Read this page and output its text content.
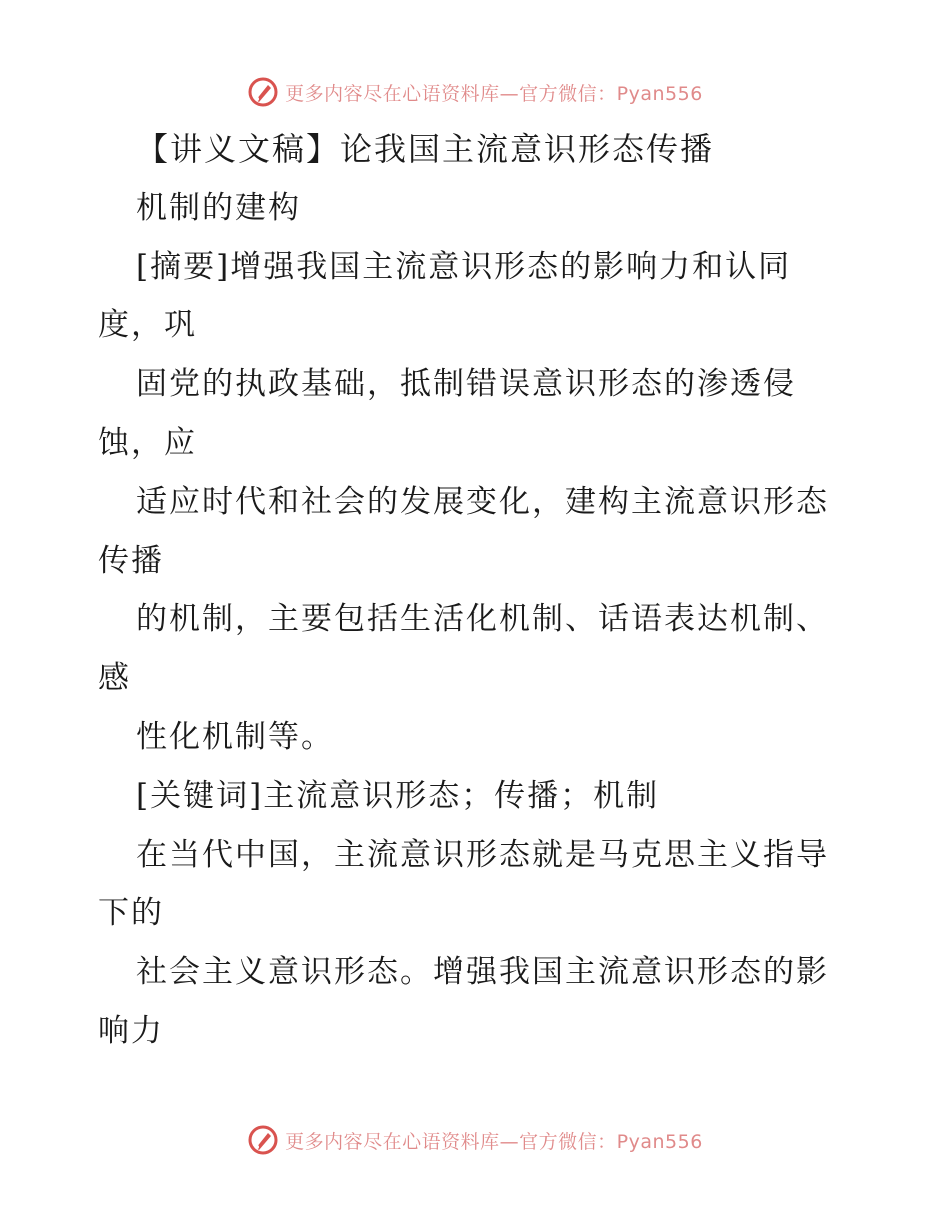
更多内容尽在心语资料库—官方微信：Pyan556
【讲义文稿】论我国主流意识形态传播
机制的建构
[摘要]增强我国主流意识形态的影响力和认同
度，巩
固党的执政基础，抵制错误意识形态的渗透侵
蚀，应
适应时代和社会的发展变化，建构主流意识形态
传播
的机制，主要包括生活化机制、话语表达机制、
感
性化机制等。
[关键词]主流意识形态；传播；机制
在当代中国，主流意识形态就是马克思主义指导
下的
社会主义意识形态。增强我国主流意识形态的影
响力
更多内容尽在心语资料库—官方微信：Pyan556
